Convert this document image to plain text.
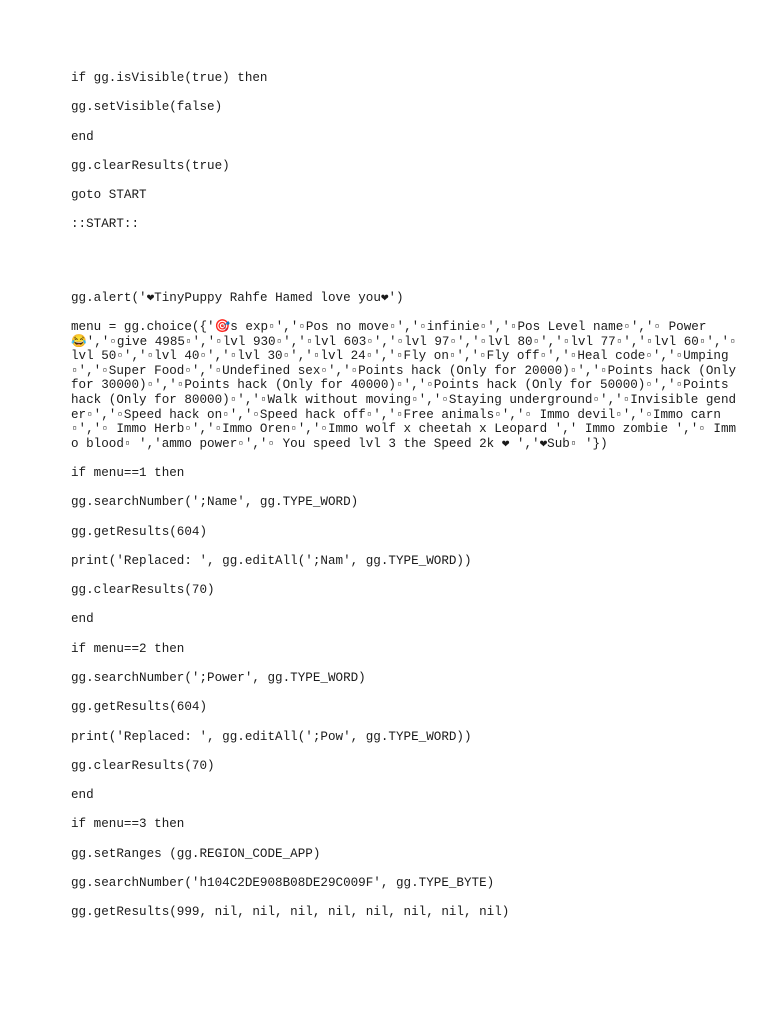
if gg.isVisible(true) then
gg.setVisible(false)
end
gg.clearResults(true)
goto START
::START::
gg.alert('❤TinyPuppy Rahfe Hamed love you❤')
menu = gg.choice({'🎯s exp▫','▫Pos no move▫','▫infinie▫','▫Pos Level name▫','▫ Power 😂','▫give 4985▫','▫lvl 930▫','▫lvl 603▫','▫lvl 97▫','▫lvl 80▫','▫lvl 77▫','▫lvl 60▫','▫lvl 50▫','▫lvl 40▫','▫lvl 30▫','▫lvl 24▫','▫Fly on▫','▫Fly off▫','▫Heal code▫','▫Umping▫','▫Super Food▫','▫Undefined sex▫','▫Points hack (Only for 20000)▫','▫Points hack (Only for 30000)▫','▫Points hack (Only for 40000)▫','▫Points hack (Only for 50000)▫','▫Points hack (Only for 80000)▫','▫Walk without moving▫','▫Staying underground▫','▫Invisible gender▫','▫Speed hack on▫','▫Speed hack off▫','▫Free animals▫','▫ Immo devil▫','▫Immo carn▫','▫ Immo Herb▫','▫Immo Oren▫','▫Immo wolf x cheetah x Leopard ',' Immo zombie ','▫ Immo blood▫ ','ammo power▫','▫ You speed lvl 3 the Speed 2k ❤ ','❤Sub▫ '})
if menu==1 then
gg.searchNumber(';Name', gg.TYPE_WORD)
gg.getResults(604)
print('Replaced: ', gg.editAll(';Nam', gg.TYPE_WORD))
gg.clearResults(70)
end
if menu==2 then
gg.searchNumber(';Power', gg.TYPE_WORD)
gg.getResults(604)
print('Replaced: ', gg.editAll(';Pow', gg.TYPE_WORD))
gg.clearResults(70)
end
if menu==3 then
gg.setRanges (gg.REGION_CODE_APP)
gg.searchNumber('h104C2DE908B08DE29C009F', gg.TYPE_BYTE)
gg.getResults(999, nil, nil, nil, nil, nil, nil, nil, nil)
